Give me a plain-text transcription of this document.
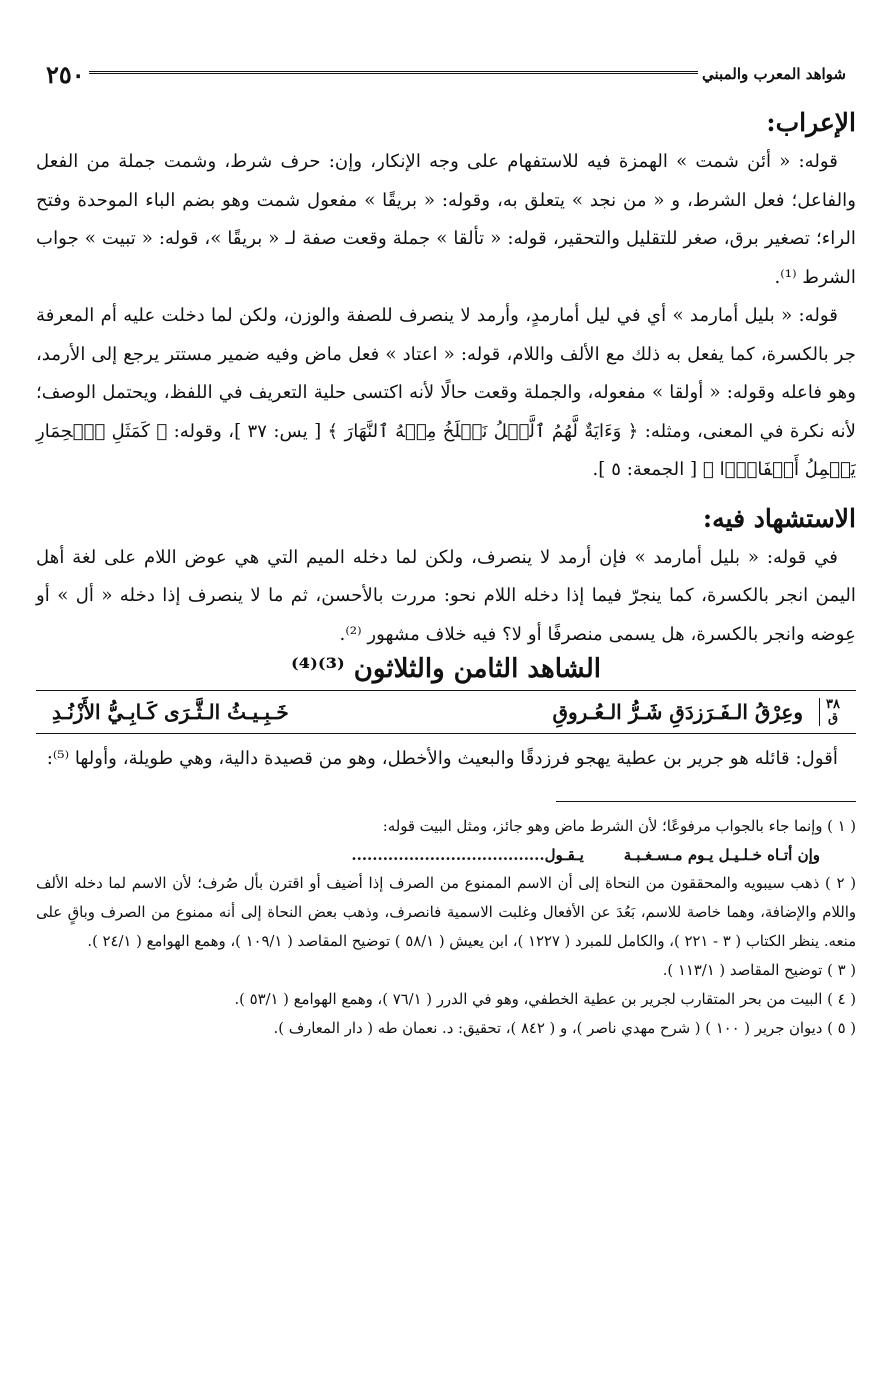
شواهد المعرب والمبني
٢٥٠
الإعراب:

قوله: « أئن شمت » الهمزة فيه للاستفهام على وجه الإنكار، وإن: حرف شرط، وشمت جملة من الفعل والفاعل؛ فعل الشرط، و « من نجد » يتعلق به، وقوله: « بريقًا » مفعول شمت وهو بضم الباء الموحدة وفتح الراء؛ تصغير برق، صغر للتقليل والتحقير، قوله: « تألقا » جملة وقعت صفة لـ « بريقًا »، قوله: « تبيت » جواب الشرط ⁽¹⁾.

قوله: « بليل أمارمد » أي في ليل أمارمدٍ، وأرمد لا ينصرف للصفة والوزن، ولكن لما دخلت عليه أم المعرفة جر بالكسرة، كما يفعل به ذلك مع الألف واللام، قوله: « اعتاد » فعل ماض وفيه ضمير مستتر يرجع إلى الأرمد، وهو فاعله وقوله: « أولقا » مفعوله، والجملة وقعت حالًا لأنه اكتسى حلية التعريف في اللفظ، ويحتمل الوصف؛ لأنه نكرة في المعنى، ومثله: ﴿ وَءَايَةٌ لَّهُمُ ٱلَّيۡلُ نَسۡلَخُ مِنۡهُ ٱلنَّهَارَ ﴾ [ يس: ٣٧ ]، وقوله: ﴿ كَمَثَلِ ٱلۡحِمَارِ يَحۡمِلُ أَسۡفَارَۢا ﴾ [ الجمعة: ٥ ].

الاستشهاد فيه:

في قوله: « بليل أمارمد » فإن أرمد لا ينصرف، ولكن لما دخله الميم التي هي عوض اللام على لغة أهل اليمن انجر بالكسرة، كما ينجرّ فيما إذا دخله اللام نحو: مررت بالأحسن، ثم ما لا ينصرف إذا دخله « أل » أو عِوضه وانجر بالكسرة، هل يسمى منصرفًا أو لا؟ فيه خلاف مشهور ⁽²⁾.

الشاهد الثامن والثلاثون ⁽³⁾⁽⁴⁾
٣٨
ق
وعِرْقُ الـفَـرَزدَقِ شَـرُّ الـعُـروقِ
خَـبِـيـثُ الـثَّـرَى كَـابِـيُّ الأَزْنُـدِ

أقول: قائله هو جرير بن عطية يهجو فرزدقًا والبعيث والأخطل، وهو من قصيدة دالية، وهي طويلة، وأولها ⁽⁵⁾:

( ١ ) وإنما جاء بالجواب مرفوعًا؛ لأن الشرط ماض وهو جائز، ومثل البيت قوله:

وإن أتـاه خـلـيـل يـوم مـسـغـبـة
يـقـول.....................................

( ٢ ) ذهب سيبويه والمحققون من النحاة إلى أن الاسم الممنوع من الصرف إذا أضيف أو اقترن بأل صُرف؛ لأن الاسم لما دخله الألف واللام والإضافة، وهما خاصة للاسم، بَعُدَ عن الأفعال وغلبت الاسمية فانصرف، وذهب بعض النحاة إلى أنه ممنوع من الصرف وباقٍ على منعه. ينظر الكتاب ( ٣ - ٢٢١ )، والكامل للمبرد ( ١٢٢٧ )، ابن يعيش ( ٥٨/١ ) توضيح المقاصد ( ١٠٩/١ )، وهمع الهوامع ( ٢٤/١ ).

( ٣ ) توضيح المقاصد ( ١١٣/١ ).

( ٤ ) البيت من بحر المتقارب لجرير بن عطية الخطفي، وهو في الدرر ( ٧٦/١ )، وهمع الهوامع ( ٥٣/١ ).

( ٥ ) ديوان جرير ( ١٠٠ ) ( شرح مهدي ناصر )، و ( ٨٤٢ )، تحقيق: د. نعمان طه ( دار المعارف ).
